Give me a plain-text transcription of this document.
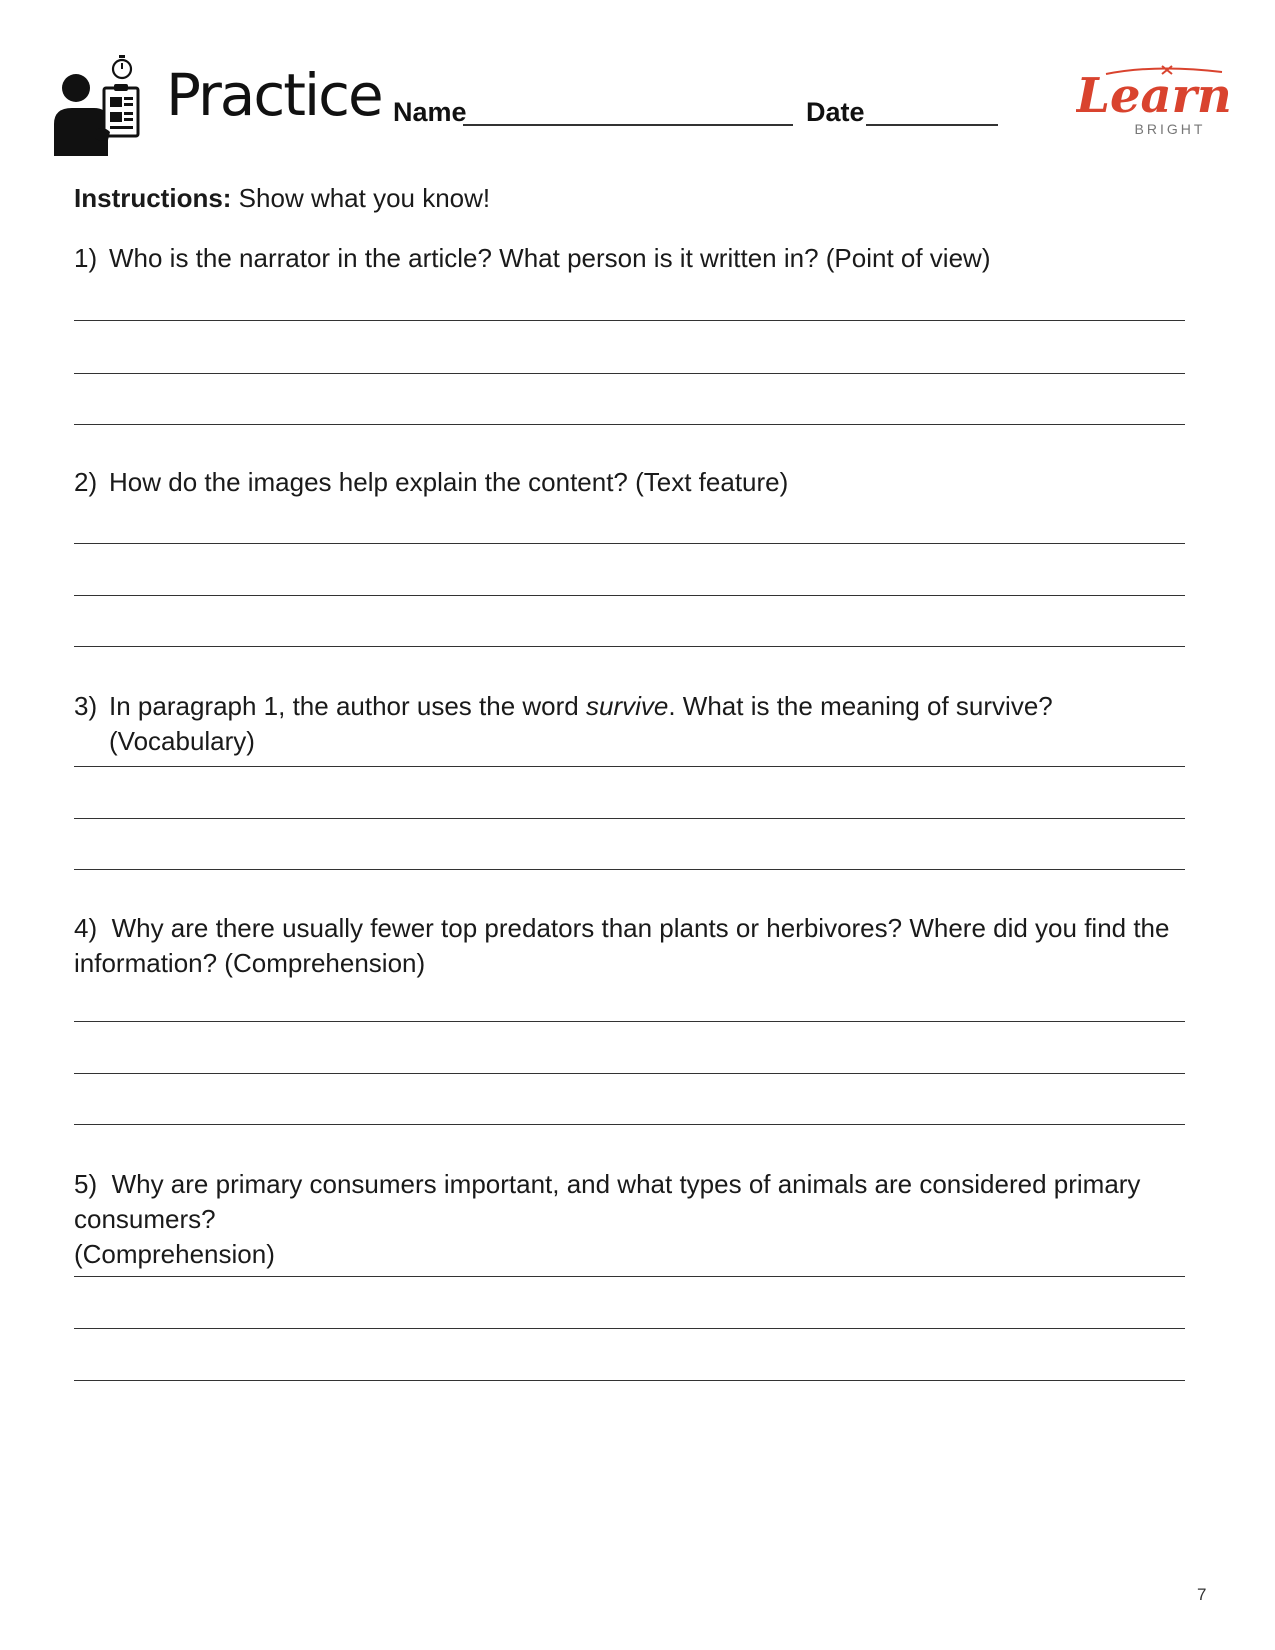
Practice Name	Date	Learn
BRIGHT
Instructions: Show what you know!
1) Who is the narrator in the article? What person is it written in? (Point of view)
2) How do the images help explain the content? (Text feature)
3) In paragraph 1, the author uses the word survive. What is the meaning of survive? (Vocabulary)
4) Why are there usually fewer top predators than plants or herbivores? Where did you find the
information? (Comprehension)
5) Why are primary consumers important, and what types of animals are considered primary consumers?
(Comprehension)
7
